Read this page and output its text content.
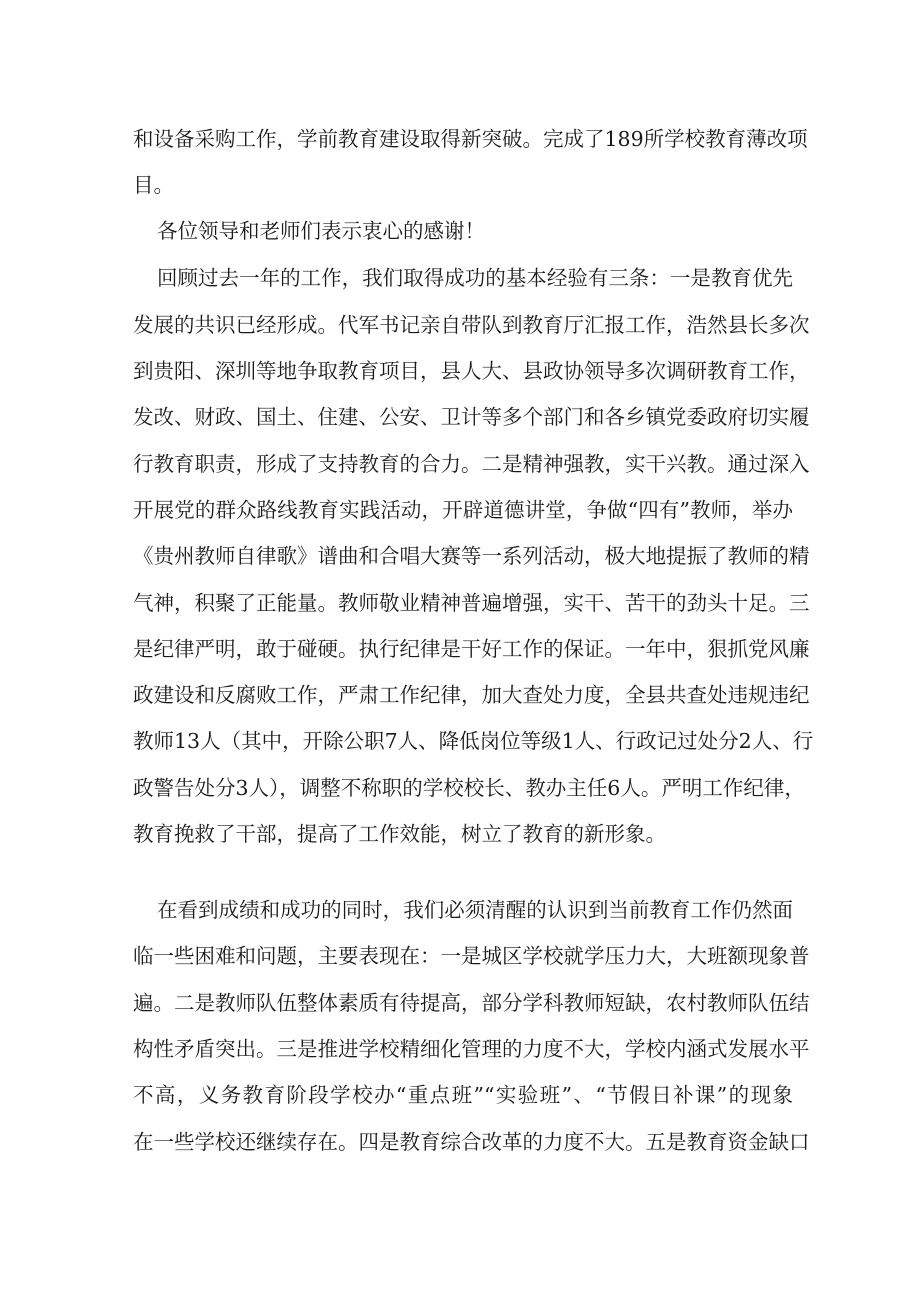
和设备采购工作，学前教育建设取得新突破。完成了189所学校教育薄改项

目。

各位领导和老师们表示衷心的感谢！

回顾过去一年的工作，我们取得成功的基本经验有三条：一是教育优先

发展的共识已经形成。代军书记亲自带队到教育厅汇报工作，浩然县长多次

到贵阳、深圳等地争取教育项目，县人大、县政协领导多次调研教育工作，

发改、财政、国土、住建、公安、卫计等多个部门和各乡镇党委政府切实履

行教育职责，形成了支持教育的合力。二是精神强教，实干兴教。通过深入

开展党的群众路线教育实践活动，开辟道德讲堂，争做“四有”教师，举办

《贵州教师自律歌》谱曲和合唱大赛等一系列活动，极大地提振了教师的精

气神，积聚了正能量。教师敬业精神普遍增强，实干、苦干的劲头十足。三

是纪律严明，敢于碰硬。执行纪律是干好工作的保证。一年中，狠抓党风廉

政建设和反腐败工作，严肃工作纪律，加大查处力度，全县共查处违规违纪

教师13人（其中，开除公职7人、降低岗位等级1人、行政记过处分2人、行

政警告处分3人），调整不称职的学校校长、教办主任6人。严明工作纪律，

教育挽救了干部，提高了工作效能，树立了教育的新形象。

在看到成绩和成功的同时，我们必须清醒的认识到当前教育工作仍然面

临一些困难和问题，主要表现在：一是城区学校就学压力大，大班额现象普

遍。二是教师队伍整体素质有待提高，部分学科教师短缺，农村教师队伍结

构性矛盾突出。三是推进学校精细化管理的力度不大，学校内涵式发展水平

不高，义务教育阶段学校办“重点班”“实验班”、“节假日补课”的现象

在一些学校还继续存在。四是教育综合改革的力度不大。五是教育资金缺口
